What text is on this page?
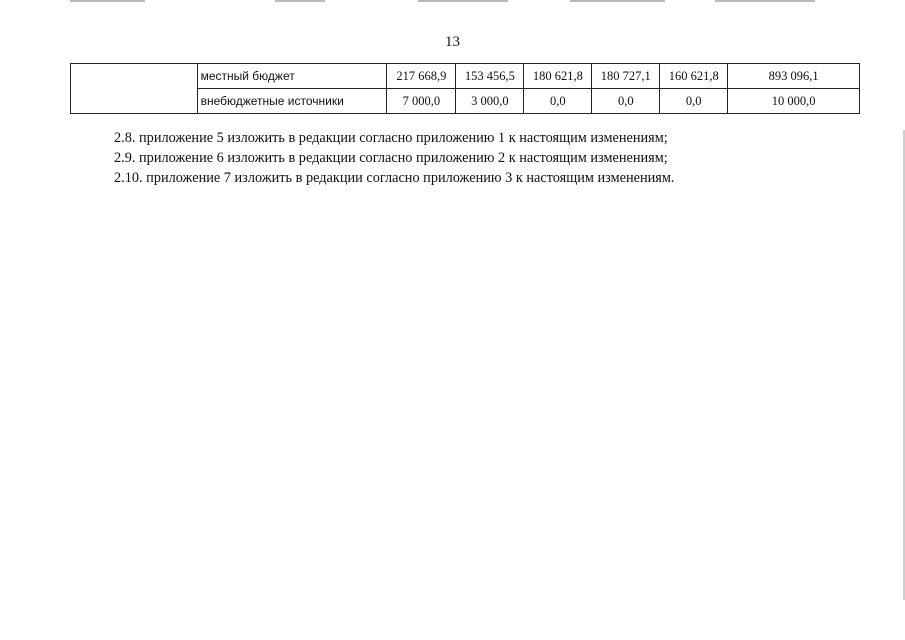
13
	местный бюджет	217 668,9	153 456,5	180 621,8	180 727,1	160 621,8	893 096,1
	внебюджетные источники	7 000,0	3 000,0	0,0	0,0	0,0	10 000,0

2.8. приложение 5 изложить в редакции согласно приложению 1 к настоящим изменениям;

2.9. приложение 6 изложить в редакции согласно приложению 2 к настоящим изменениям;

2.10. приложение 7 изложить в редакции согласно приложению 3 к настоящим изменениям.
